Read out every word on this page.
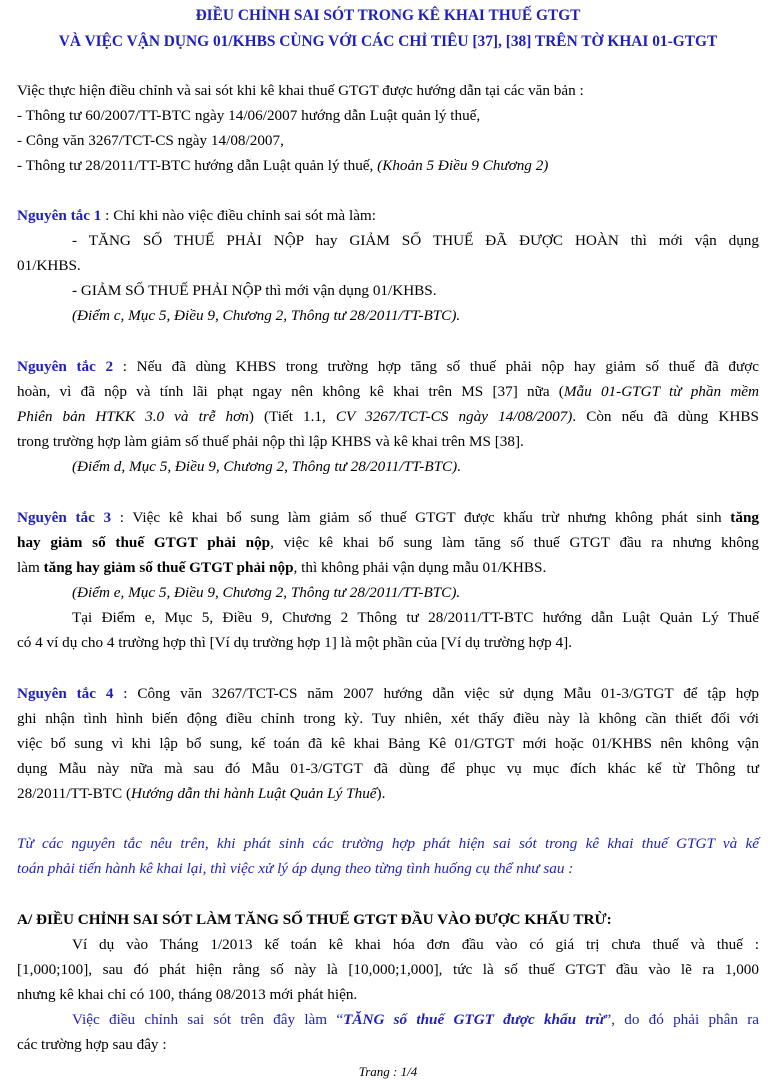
ĐIỀU CHỈNH SAI SÓT TRONG KÊ KHAI THUẾ GTGT
VÀ VIỆC VẬN DỤNG 01/KHBS CÙNG VỚI CÁC CHỈ TIÊU [37], [38] TRÊN TỜ KHAI 01-GTGT
Việc thực hiện điều chỉnh và sai sót khi kê khai thuế GTGT được hướng dẫn tại các văn bản :
- Thông tư 60/2007/TT-BTC ngày 14/06/2007 hướng dẫn Luật quản lý thuế,
- Công văn 3267/TCT-CS ngày 14/08/2007,
- Thông tư 28/2011/TT-BTC hướng dẫn Luật quản lý thuế, (Khoản 5 Điều 9 Chương 2)
Nguyên tắc 1 : Chỉ khi nào việc điều chỉnh sai sót mà làm:
- TĂNG SỐ THUẾ PHẢI NỘP hay GIẢM SỐ THUẾ ĐÃ ĐƯỢC HOÀN thì mới vận dụng
01/KHBS.
- GIẢM SỐ THUẾ PHẢI NỘP thì mới vận dụng 01/KHBS.
(Điểm c, Mục 5, Điều 9, Chương 2, Thông tư 28/2011/TT-BTC).
Nguyên tắc 2 : Nếu đã dùng KHBS trong trường hợp tăng số thuế phải nộp hay giảm số thuế đã được
hoàn, vì đã nộp và tính lãi phạt ngay nên không kê khai trên MS [37] nữa (Mẫu 01-GTGT từ phần mềm
Phiên bản HTKK 3.0 và trễ hơn) (Tiết 1.1, CV 3267/TCT-CS ngày 14/08/2007). Còn nếu đã dùng KHBS
trong trường hợp làm giảm số thuế phải nộp thì lập KHBS và kê khai trên MS [38].
(Điểm d, Mục 5, Điều 9, Chương 2, Thông tư 28/2011/TT-BTC).
Nguyên tắc 3 : Việc kê khai bổ sung làm giảm số thuế GTGT được khấu trừ nhưng không phát sinh tăng
hay giảm số thuế GTGT phải nộp, việc kê khai bổ sung làm tăng số thuế GTGT đầu ra nhưng không
làm tăng hay giảm số thuế GTGT phải nộp, thì không phải vận dụng mẫu 01/KHBS.
(Điểm e, Mục 5, Điều 9, Chương 2, Thông tư 28/2011/TT-BTC).
Tại Điểm e, Mục 5, Điều 9, Chương 2 Thông tư 28/2011/TT-BTC hướng dẫn Luật Quản Lý Thuế
có 4 ví dụ cho 4 trường hợp thì [Ví dụ trường hợp 1] là một phần của [Ví dụ trường hợp 4].
Nguyên tắc 4 : Công văn 3267/TCT-CS năm 2007 hướng dẫn việc sử dụng Mẫu 01-3/GTGT để tập hợp
ghi nhận tình hình biến động điều chỉnh trong kỳ. Tuy nhiên, xét thấy điều này là không cần thiết đối với
việc bổ sung vì khi lập bổ sung, kế toán đã kê khai Bảng Kê 01/GTGT mới hoặc 01/KHBS nên không vận
dụng Mẫu này nữa mà sau đó Mẫu 01-3/GTGT đã dùng để phục vụ mục đích khác kể từ Thông tư
28/2011/TT-BTC (Hướng dẫn thi hành Luật Quản Lý Thuế).
Từ các nguyên tắc nêu trên, khi phát sinh các trường hợp phát hiện sai sót trong kê khai thuế GTGT và kế
toán phải tiến hành kê khai lại, thì việc xử lý áp dụng theo từng tình huống cụ thể như sau :
A/ ĐIỀU CHỈNH SAI SÓT LÀM TĂNG SỐ THUẾ GTGT ĐẦU VÀO ĐƯỢC KHẤU TRỪ:
Ví dụ vào Tháng 1/2013 kế toán kê khai hóa đơn đầu vào có giá trị chưa thuế và thuế :
[1,000;100], sau đó phát hiện rằng số này là [10,000;1,000], tức là số thuế GTGT đầu vào lẽ ra 1,000
nhưng kê khai chỉ có 100, tháng 08/2013 mới phát hiện.
Việc điều chỉnh sai sót trên đây làm “TĂNG số thuế GTGT được khấu trừ”, do đó phải phân ra
các trường hợp sau đây :
Trang : 1/4
